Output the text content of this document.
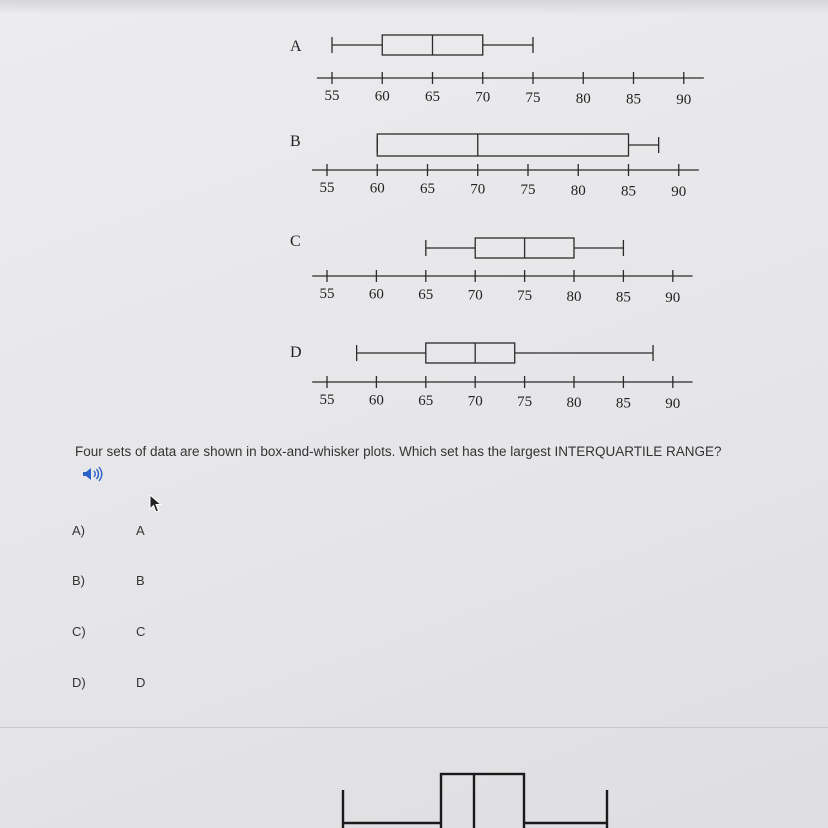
A
55 60 65 70 75 80 85 90
B
55 60 65 70 75 80 85 90
C
55 60 65 70 75 80 85 90
D
55 60 65 70 75 80 85 90
Four sets of data are shown in box-and-whisker plots. Which set has the largest INTERQUARTILE RANGE?
A)	A
B)	B
C)	C
D)	D
